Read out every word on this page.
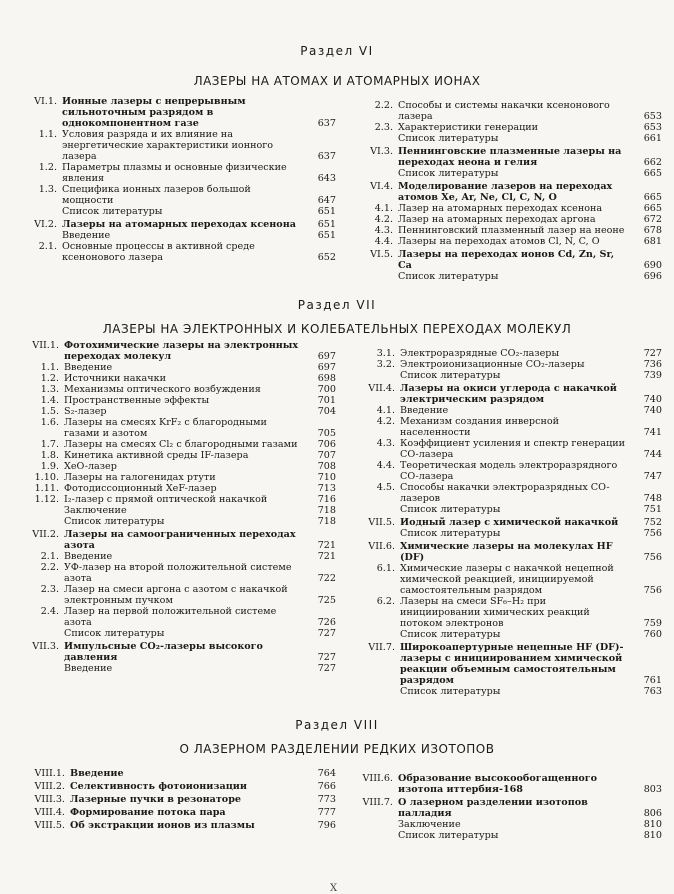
Раздел VI
ЛАЗЕРЫ НА АТОМАХ И АТОМАРНЫХ ИОНАХ
VI.1. Ионные лазеры с непрерывным сильноточным разрядом в однокомпонентном газе	637
1.1. Условия разряда и их влияние на энергетические характеристики ионного лазера	637
1.2. Параметры плазмы и основные физические явления	643
1.3. Специфика ионных лазеров большой мощности	647
Список литературы	651
VI.2. Лазеры на атомарных переходах ксенона	651
Введение	651
2.1. Основные процессы в активной среде ксенонового лазера	652
2.2. Способы и системы накачки ксенонового лазера	653
2.3. Характеристики генерации	653
Список литературы	661
VI.3. Пеннинговские плазменные лазеры на переходах неона и гелия	662
Список литературы	665
VI.4. Моделирование лазеров на переходах атомов Xe, Ar, Ne, Cl, C, N, O	665
4.1. Лазер на атомарных переходах ксенона	665
4.2. Лазер на атомарных переходах аргона	672
4.3. Пеннинговский плазменный лазер на неоне	678
4.4. Лазеры на переходах атомов Cl, N, C, O	681
VI.5. Лазеры на переходах ионов Cd, Zn, Sr, Ca	690
Список литературы	696
Раздел VII
ЛАЗЕРЫ НА ЭЛЕКТРОННЫХ И КОЛЕБАТЕЛЬНЫХ ПЕРЕХОДАХ МОЛЕКУЛ
VII.1. Фотохимические лазеры на электронных переходах молекул	697
1.1. Введение	697
1.2. Источники накачки	698
1.3. Механизмы оптического возбуждения	700
1.4. Пространственные эффекты	701
1.5. S₂-лазер	704
1.6. Лазеры на смесях KrF₂ с благородными газами и азотом	705
1.7. Лазеры на смесях Cl₂ с благородными газами	706
1.8. Кинетика активной среды IF-лазера	707
1.9. XeO-лазер	708
1.10. Лазеры на галогенидах ртути	710
1.11. Фотодиссоционный XeF-лазер	713
1.12. I₂-лазер с прямой оптической накачкой	716
Заключение	718
Список литературы	718
VII.2. Лазеры на самоограниченных переходах азота	721
2.1. Введение	721
2.2. УФ-лазер на второй положительной системе азота	722
2.3. Лазер на смеси аргона с азотом с накачкой электронным пучком	725
2.4. Лазер на первой положительной системе азота	726
Список литературы	727
VII.3. Импульсные CO₂-лазеры высокого давления	727
Введение	727
3.1. Электроразрядные CO₂-лазеры	727
3.2. Электроионизационные CO₂-лазеры	736
Список литературы	739
VII.4. Лазеры на окиси углерода с накачкой электрическим разрядом	740
4.1. Введение	740
4.2. Механизм создания инверсной населенности	741
4.3. Коэффициент усиления и спектр генерации CO-лазера	744
4.4. Теоретическая модель электроразрядного CO-лазера	747
4.5. Способы накачки электроразрядных CO-лазеров	748
Список литературы	751
VII.5. Иодный лазер с химической накачкой	752
Список литературы	756
VII.6. Химические лазеры на молекулах HF (DF)	756
6.1. Химические лазеры с накачкой нецепной химической реакцией, инициируемой самостоятельным разрядом	756
6.2. Лазеры на смеси SF₆–H₂ при инициировании химических реакций потоком электронов	759
Список литературы	760
VII.7. Широкоапертурные нецепные HF (DF)-лазеры с инициированием химической реакции объемным самостоятельным разрядом	761
Список литературы	763
Раздел VIII
О ЛАЗЕРНОМ РАЗДЕЛЕНИИ РЕДКИХ ИЗОТОПОВ
VIII.1. Введение	764
VIII.2. Селективность фотоионизации	766
VIII.3. Лазерные пучки в резонаторе	773
VIII.4. Формирование потока пара	777
VIII.5. Об экстракции ионов из плазмы	796
VIII.6. Образование высокообогащенного изотопа иттербия-168	803
VIII.7. О лазерном разделении изотопов палладия	806
Заключение	810
Список литературы	810
X
